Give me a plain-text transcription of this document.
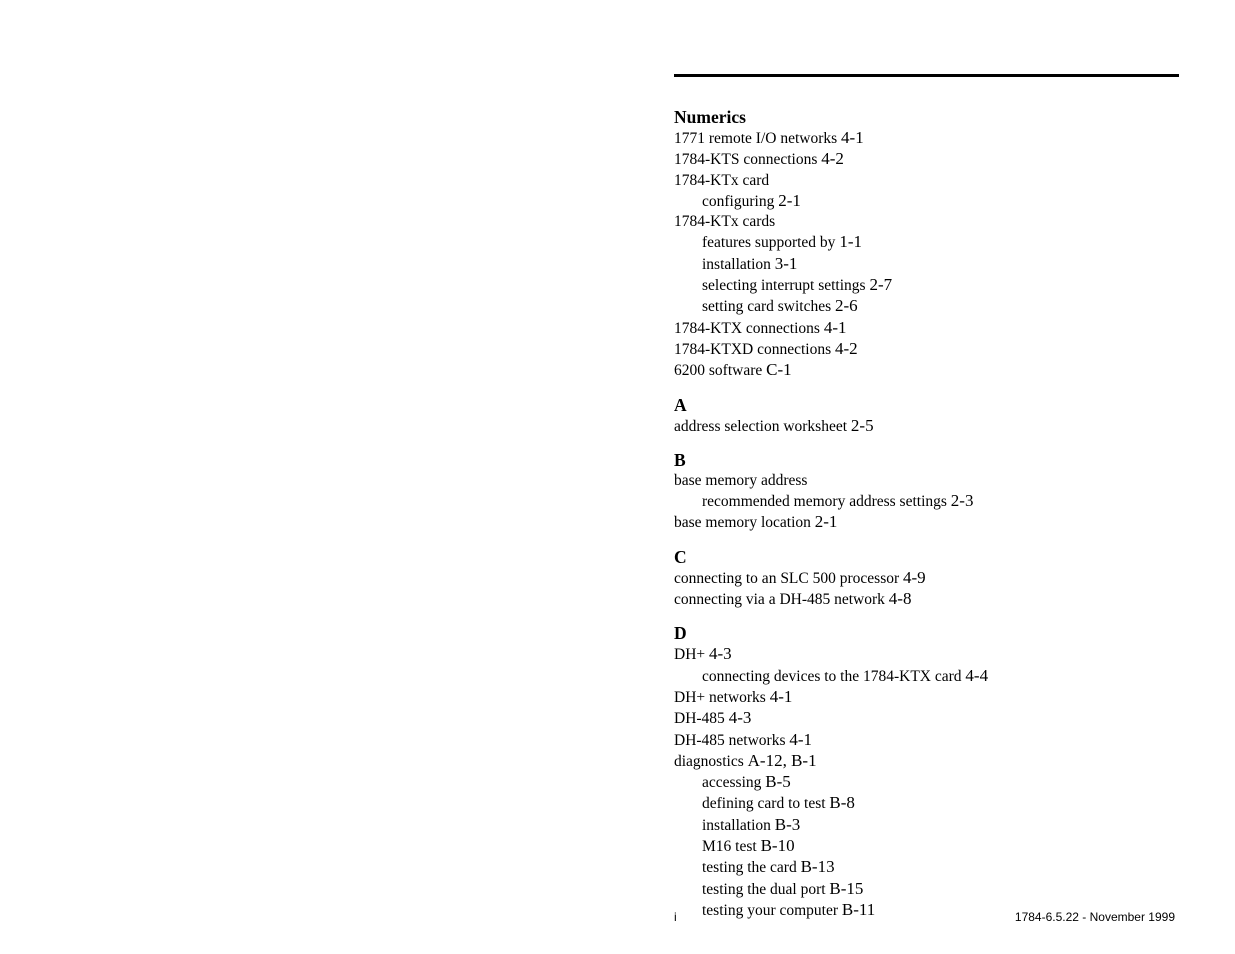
Numerics
1771 remote I/O networks 4-1
1784-KTS connections 4-2
1784-KTx card
configuring 2-1
1784-KTx cards
features supported by 1-1
installation 3-1
selecting interrupt settings 2-7
setting card switches 2-6
1784-KTX connections 4-1
1784-KTXD connections 4-2
6200 software C-1
A
address selection worksheet 2-5
B
base memory address
recommended memory address settings 2-3
base memory location 2-1
C
connecting to an SLC 500 processor 4-9
connecting via a DH-485 network 4-8
D
DH+ 4-3
connecting devices to the 1784-KTX card 4-4
DH+ networks 4-1
DH-485 4-3
DH-485 networks 4-1
diagnostics A-12, B-1
accessing B-5
defining card to test B-8
installation B-3
M16 test B-10
testing the card B-13
testing the dual port B-15
testing your computer B-11
i	1784-6.5.22 - November 1999
